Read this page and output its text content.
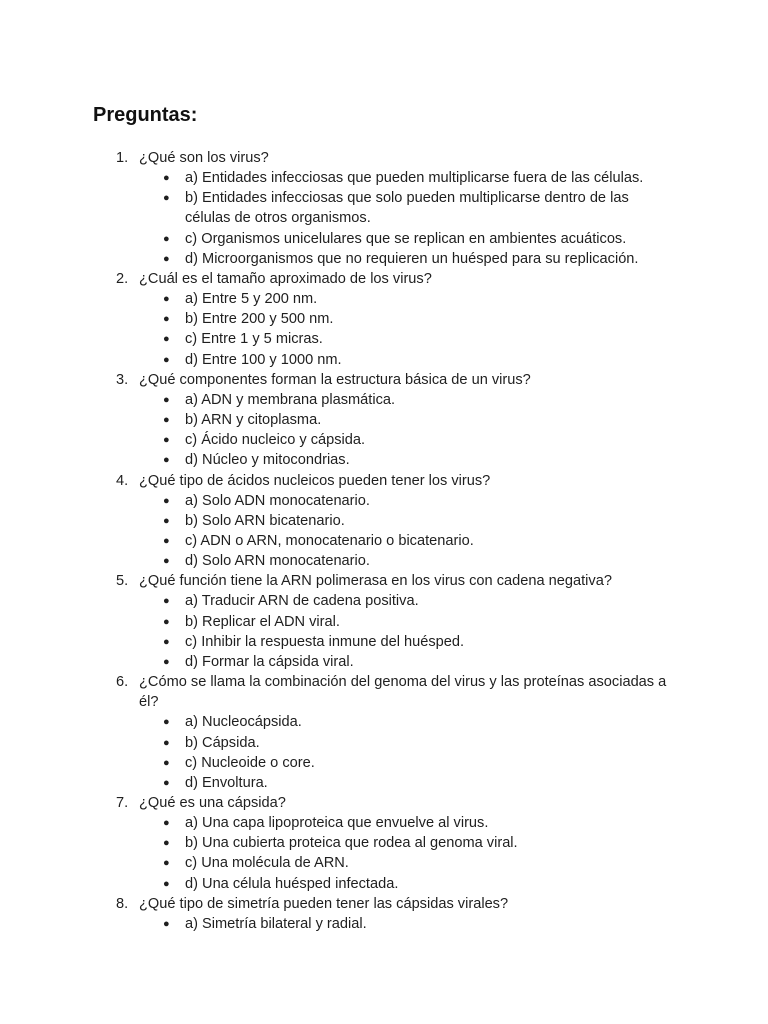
Preguntas:
1. ¿Qué son los virus?
● a) Entidades infecciosas que pueden multiplicarse fuera de las células.
● b) Entidades infecciosas que solo pueden multiplicarse dentro de las células de otros organismos.
● c) Organismos unicelulares que se replican en ambientes acuáticos.
● d) Microorganismos que no requieren un huésped para su replicación.
2. ¿Cuál es el tamaño aproximado de los virus?
● a) Entre 5 y 200 nm.
● b) Entre 200 y 500 nm.
● c) Entre 1 y 5 micras.
● d) Entre 100 y 1000 nm.
3. ¿Qué componentes forman la estructura básica de un virus?
● a) ADN y membrana plasmática.
● b) ARN y citoplasma.
● c) Ácido nucleico y cápsida.
● d) Núcleo y mitocondrias.
4. ¿Qué tipo de ácidos nucleicos pueden tener los virus?
● a) Solo ADN monocatenario.
● b) Solo ARN bicatenario.
● c) ADN o ARN, monocatenario o bicatenario.
● d) Solo ARN monocatenario.
5. ¿Qué función tiene la ARN polimerasa en los virus con cadena negativa?
● a) Traducir ARN de cadena positiva.
● b) Replicar el ADN viral.
● c) Inhibir la respuesta inmune del huésped.
● d) Formar la cápsida viral.
6. ¿Cómo se llama la combinación del genoma del virus y las proteínas asociadas a él?
● a) Nucleocápsida.
● b) Cápsida.
● c) Nucleoide o core.
● d) Envoltura.
7. ¿Qué es una cápsida?
● a) Una capa lipoproteica que envuelve al virus.
● b) Una cubierta proteica que rodea al genoma viral.
● c) Una molécula de ARN.
● d) Una célula huésped infectada.
8. ¿Qué tipo de simetría pueden tener las cápsidas virales?
● a) Simetría bilateral y radial.
